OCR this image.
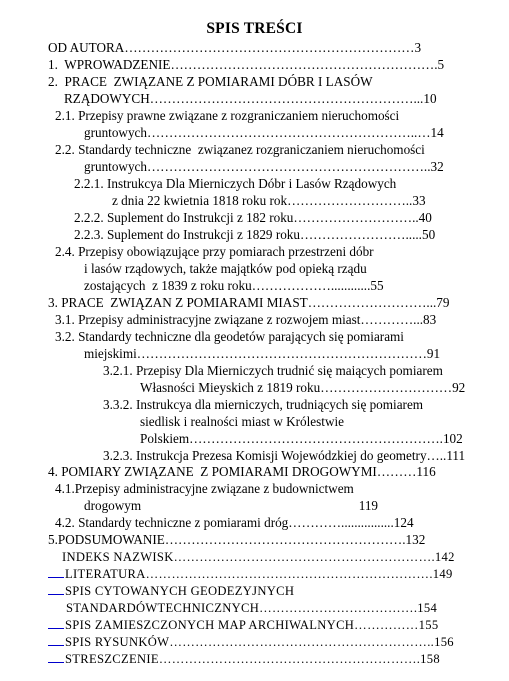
SPIS TREŚCI
OD AUTORA…………………………………………………………3
1.  WPROWADZENIE…………………………………………………….5
2.  PRACE  ZWIĄZANE Z POMIARAMI DÓBR I LASÓW
RZĄDOWYCH……………………………………………………...10
2.1. Przepisy prawne związane z rozgraniczaniem nieruchomości
gruntowych……………………………………………………..…14
2.2. Standardy techniczne  związanez rozgraniczaniem nieruchomości
gruntowych………………………………………………………..32
2.2.1. Instrukcya Dla Mierniczych Dóbr i Lasów Rządowych
z dnia 22 kwietnia 1818 roku rok………………………..33
2.2.2. Suplement do Instrukcji z 182 roku………………………..40
2.2.3. Suplement do Instrukcji z 1829 roku…………………….....50
2.4. Przepisy obowiązujące przy pomiarach przestrzeni dóbr
i lasów rządowych, także majątków pod opieką rządu
zostających  z 1839 z roku roku………………............55
3. PRACE  ZWIĄZAN Z POMIARAMI MIAST………………………...79
3.1. Przepisy administracyjne związane z rozwojem miast…………...83
3.2. Standardy techniczne dla geodetów parających się pomiarami
miejskimi…………………………………………………………91
3.2.1. Przepisy Dla Mierniczych trudnić się maiących pomiarem
Własności Mieyskich z 1819 roku…………………………92
3.3.2. Instrukcya dla mierniczych, trudniących się pomiarem
siedlisk i realności miast w Królestwie
Polskiem………………………………………………….102
3.2.3. Instrukcja Prezesa Komisji Wojewódzkiej do geometry…..111
4. POMIARY ZWIĄZANE  Z POMIARAMI DROGOWYMI………116
4.1.Przepisy administracyjne związane z budownictwem
drogowym                                                                  119
4.2. Standardy techniczne z pomiarami dróg…………................124
5.PODSUMOWANIE……………………………………………….132
INDEKS NAZWISK…………………………………………………….142
LITERATURA………………………………………………………….149
SPIS CYTOWANYCH GEODEZYJNYCH
STANDARDÓWTECHNICZNYCH……………………………….154
SPIS ZAMIESZCZONYCH MAP ARCHIWALNYCH……………155
SPIS RYSUNKÓW……………………………………………………..156
STRESZCZENIE…………………………………………………….158
